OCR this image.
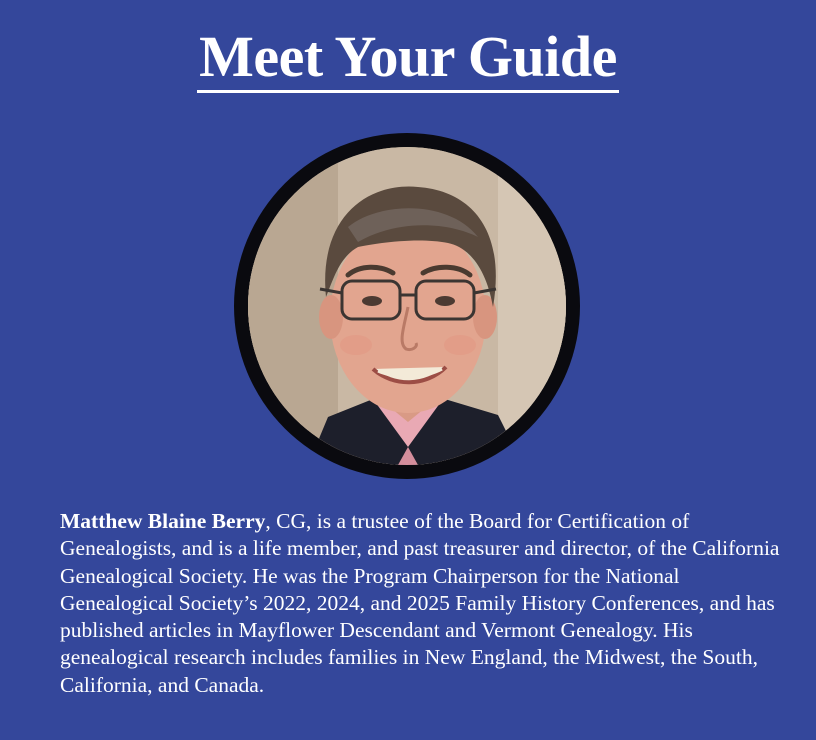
Meet Your Guide
Matthew Blaine Berry, CG, is a trustee of the Board for Certification of Genealogists, and is a life member, and past treasurer and director, of the California Genealogical Society. He was the Program Chairperson for the National Genealogical Society’s 2022, 2024, and 2025 Family History Conferences, and has published articles in Mayflower Descendant and Vermont Genealogy. His genealogical research includes families in New England, the Midwest, the South, California, and Canada.
